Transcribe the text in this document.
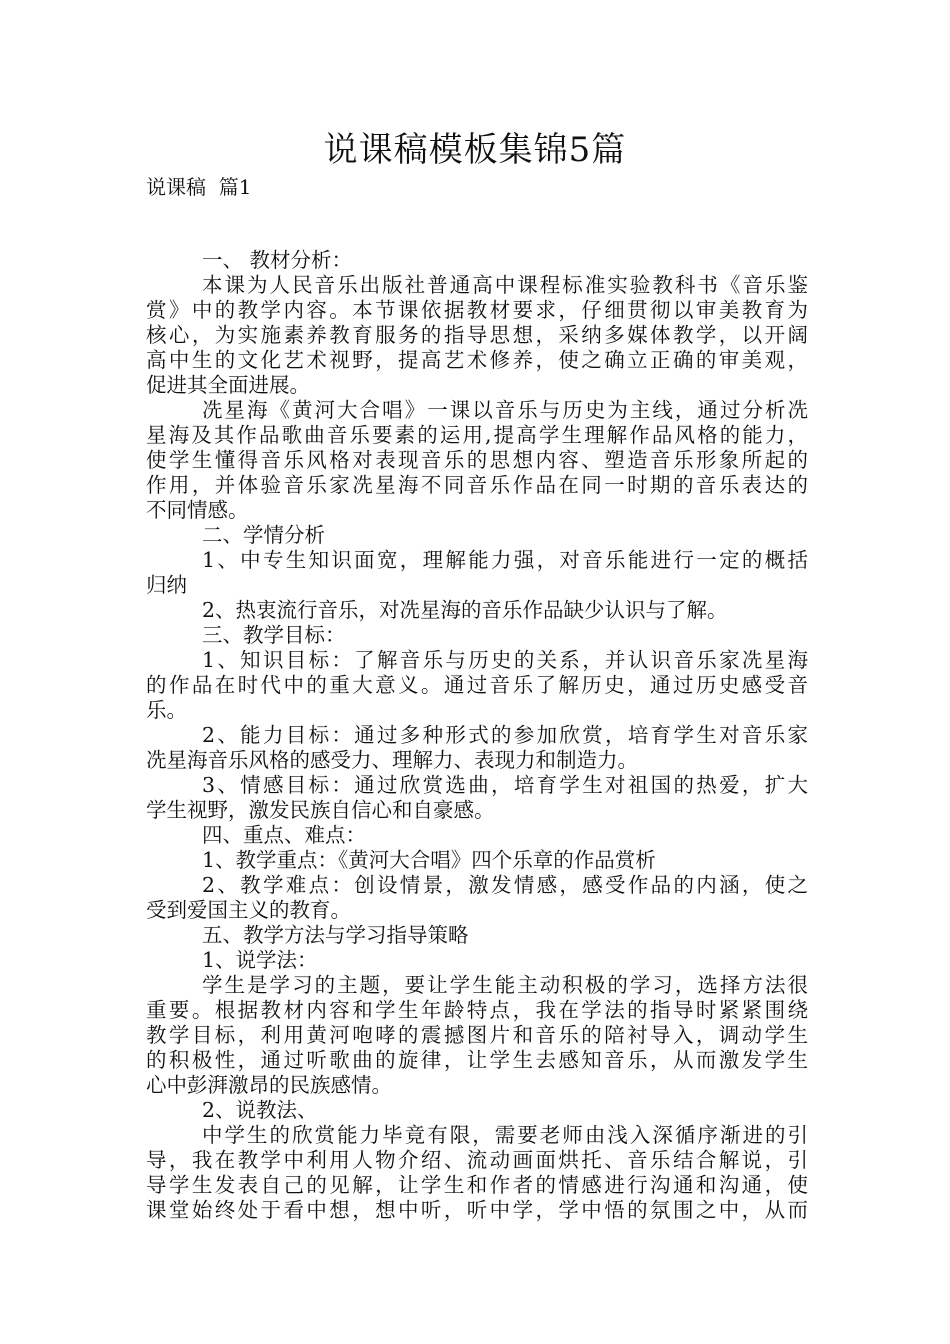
说课稿模板集锦5篇
说课稿  篇1
一、 教材分析：
本课为人民音乐出版社普通高中课程标准实验教科书《音乐鉴
赏》中的教学内容。本节课依据教材要求，仔细贯彻以审美教育为
核心，为实施素养教育服务的指导思想，采纳多媒体教学，以开阔
高中生的文化艺术视野，提高艺术修养，使之确立正确的审美观，
促进其全面进展。
冼星海《黄河大合唱》一课以音乐与历史为主线，通过分析冼
星海及其作品歌曲音乐要素的运用,提高学生理解作品风格的能力，
使学生懂得音乐风格对表现音乐的思想内容、塑造音乐形象所起的
作用，并体验音乐家冼星海不同音乐作品在同一时期的音乐表达的
不同情感。
二、学情分析
1、中专生知识面宽，理解能力强，对音乐能进行一定的概括
归纳
2、热衷流行音乐，对冼星海的音乐作品缺少认识与了解。
三、教学目标：
1、知识目标：了解音乐与历史的关系，并认识音乐家冼星海
的作品在时代中的重大意义。通过音乐了解历史，通过历史感受音
乐。
2、能力目标：通过多种形式的参加欣赏，培育学生对音乐家
冼星海音乐风格的感受力、理解力、表现力和制造力。
3、情感目标：通过欣赏选曲，培育学生对祖国的热爱，扩大
学生视野，激发民族自信心和自豪感。
四、重点、难点：
1、教学重点：《黄河大合唱》四个乐章的作品赏析
2、教学难点：创设情景，激发情感，感受作品的内涵，使之
受到爱国主义的教育。
五、教学方法与学习指导策略
1、说学法：
学生是学习的主题，要让学生能主动积极的学习，选择方法很
重要。根据教材内容和学生年龄特点，我在学法的指导时紧紧围绕
教学目标，利用黄河咆哮的震撼图片和音乐的陪衬导入，调动学生
的积极性，通过听歌曲的旋律，让学生去感知音乐，从而激发学生
心中彭湃激昂的民族感情。
2、说教法、
中学生的欣赏能力毕竟有限，需要老师由浅入深循序渐进的引
导，我在教学中利用人物介绍、流动画面烘托、音乐结合解说，引
导学生发表自己的见解，让学生和作者的情感进行沟通和沟通，使
课堂始终处于看中想，想中听，听中学，学中悟的氛围之中，从而
